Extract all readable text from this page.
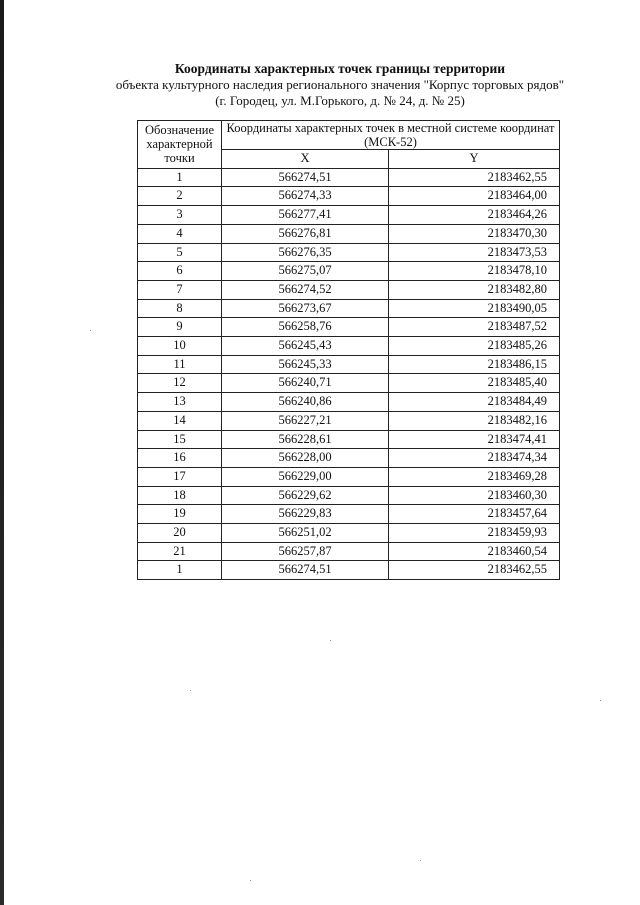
Координаты характерных точек границы территории
объекта культурного наследия регионального значения "Корпус торговых рядов"
(г. Городец, ул. М.Горького, д. № 24, д. № 25)
Обозначение характерной точки	Координаты характерных точек в местной системе координат (МСК-52)	
	X	Y
1	566274,51	2183462,55
2	566274,33	2183464,00
3	566277,41	2183464,26
4	566276,81	2183470,30
5	566276,35	2183473,53
6	566275,07	2183478,10
7	566274,52	2183482,80
8	566273,67	2183490,05
9	566258,76	2183487,52
10	566245,43	2183485,26
11	566245,33	2183486,15
12	566240,71	2183485,40
13	566240,86	2183484,49
14	566227,21	2183482,16
15	566228,61	2183474,41
16	566228,00	2183474,34
17	566229,00	2183469,28
18	566229,62	2183460,30
19	566229,83	2183457,64
20	566251,02	2183459,93
21	566257,87	2183460,54
1	566274,51	2183462,55
